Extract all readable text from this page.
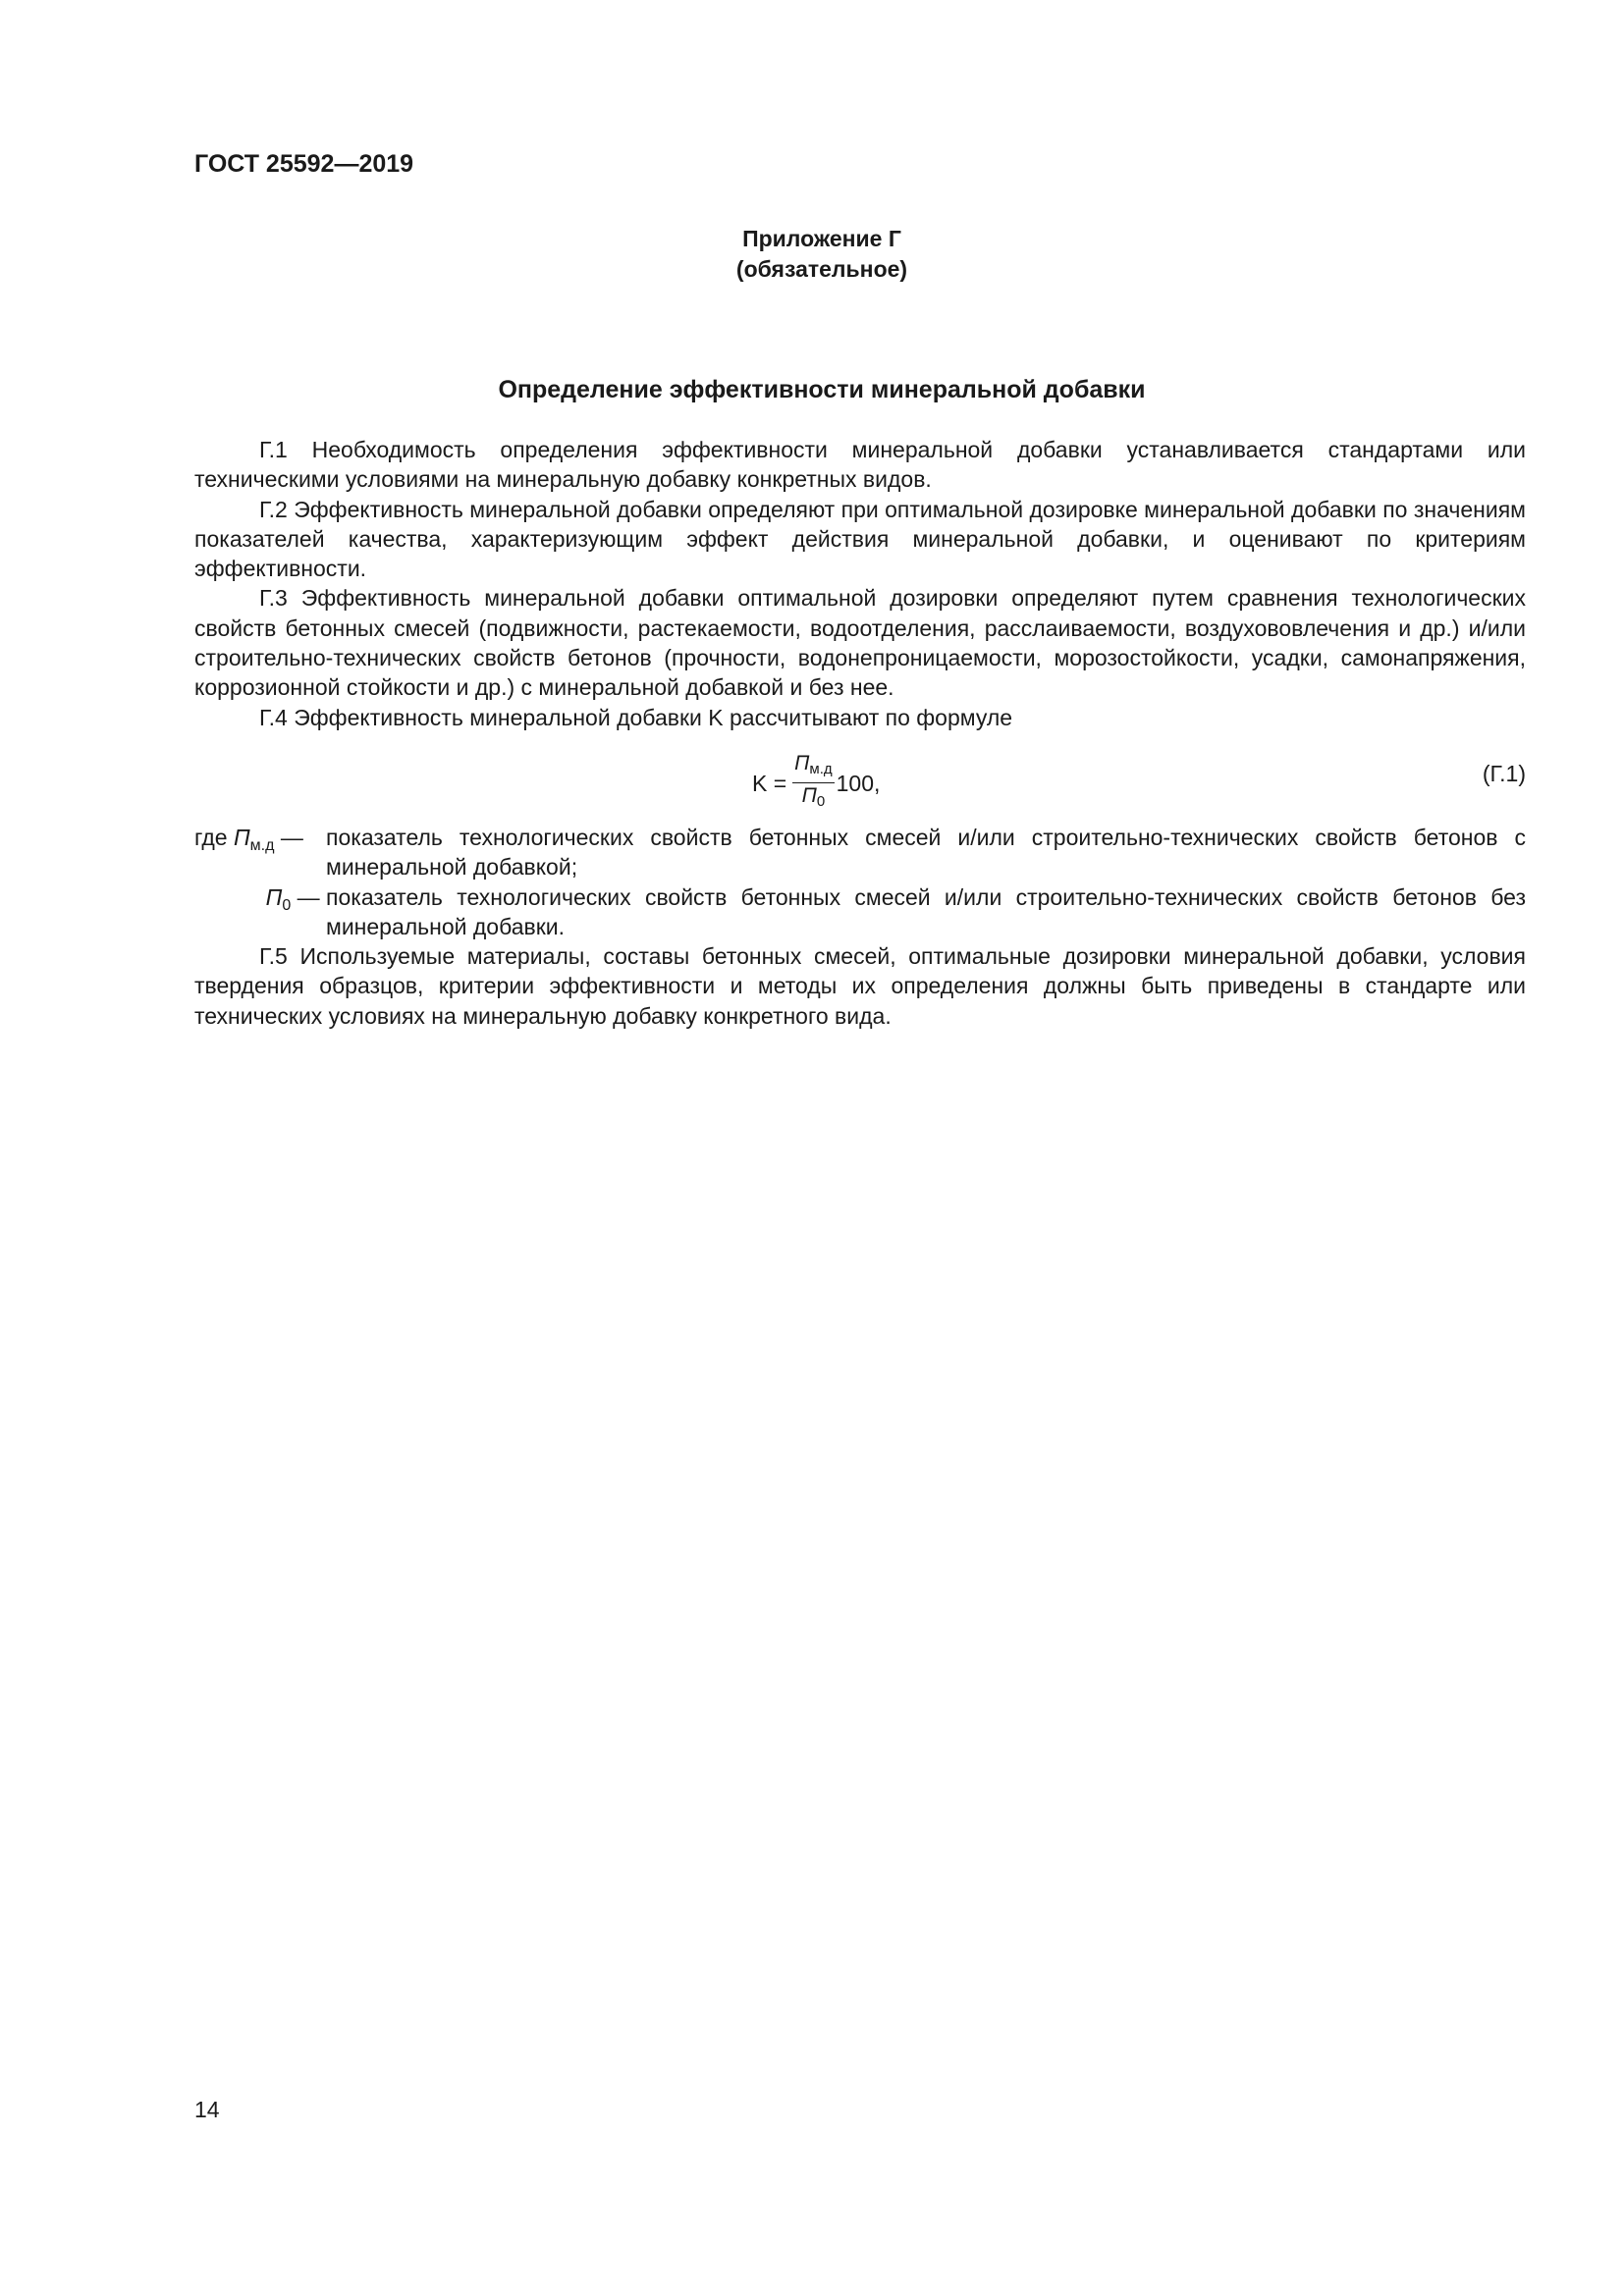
ГОСТ 25592—2019
Приложение Г
(обязательное)
Определение эффективности минеральной добавки

Г.1 Необходимость определения эффективности минеральной добавки устанавливается стандартами или техническими условиями на минеральную добавку конкретных видов.

Г.2 Эффективность минеральной добавки определяют при оптимальной дозировке минеральной добавки по значениям показателей качества, характеризующим эффект действия минеральной добавки, и оценивают по критериям эффективности.

Г.3 Эффективность минеральной добавки оптимальной дозировки определяют путем сравнения технологических свойств бетонных смесей (подвижности, растекаемости, водоотделения, расслаиваемости, воздухововлечения и др.) и/или строительно-технических свойств бетонов (прочности, водонепроницаемости, морозостойкости, усадки, самонапряжения, коррозионной стойкости и др.) с минеральной добавкой и без нее.

Г.4 Эффективность минеральной добавки K рассчитывают по формуле

$K = \frac{П_{м.д}}{П_0} 100$,	(Г.1)
где $П_{м.д}$ —	показатель технологических свойств бетонных смесей и/или строительно-технических свойств бетонов с минеральной добавкой;
$П_0$ — показатель технологических свойств бетонных смесей и/или строительно-технических свойств бетонов без минеральной добавки.

Г.5 Используемые материалы, составы бетонных смесей, оптимальные дозировки минеральной добавки, условия твердения образцов, критерии эффективности и методы их определения должны быть приведены в стандарте или технических условиях на минеральную добавку конкретного вида.

14
